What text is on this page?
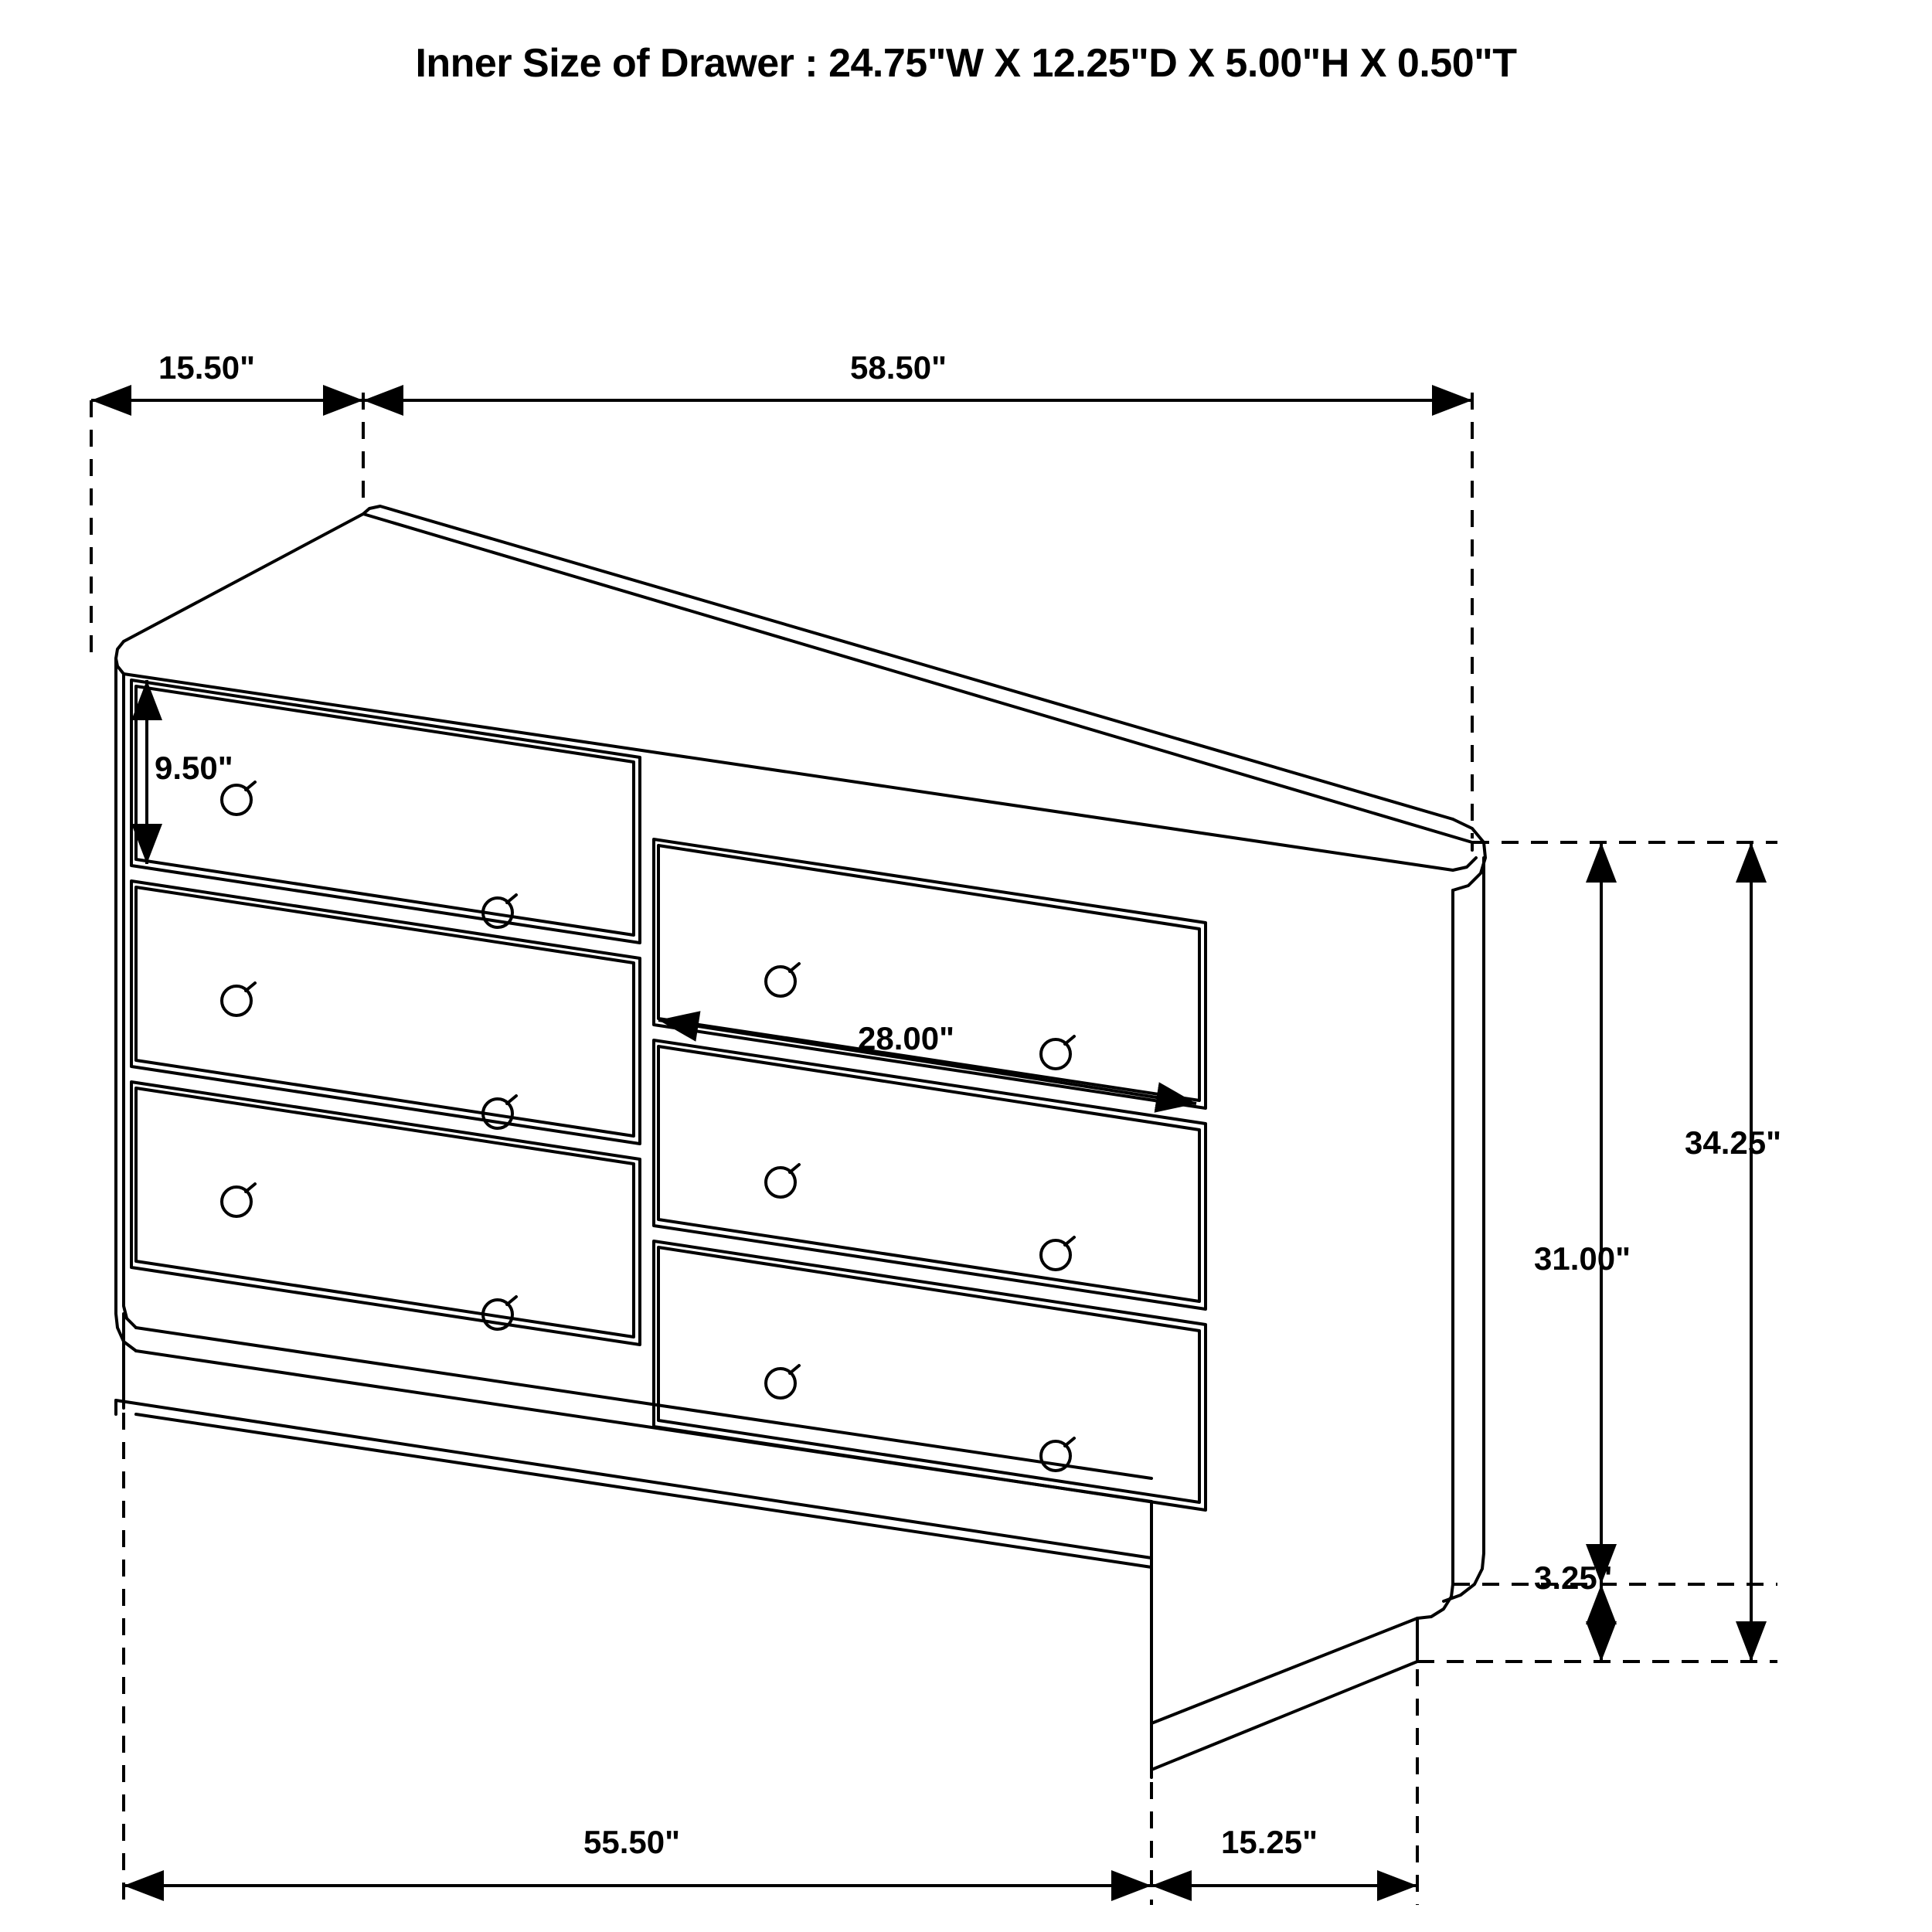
Inner Size of Drawer : 24.75"W X 12.25"D X 5.00"H X 0.50"T
15.50"	58.50"
9.50"
28.00"
34.25"
31.00"
3.25"
55.50"	15.25"
